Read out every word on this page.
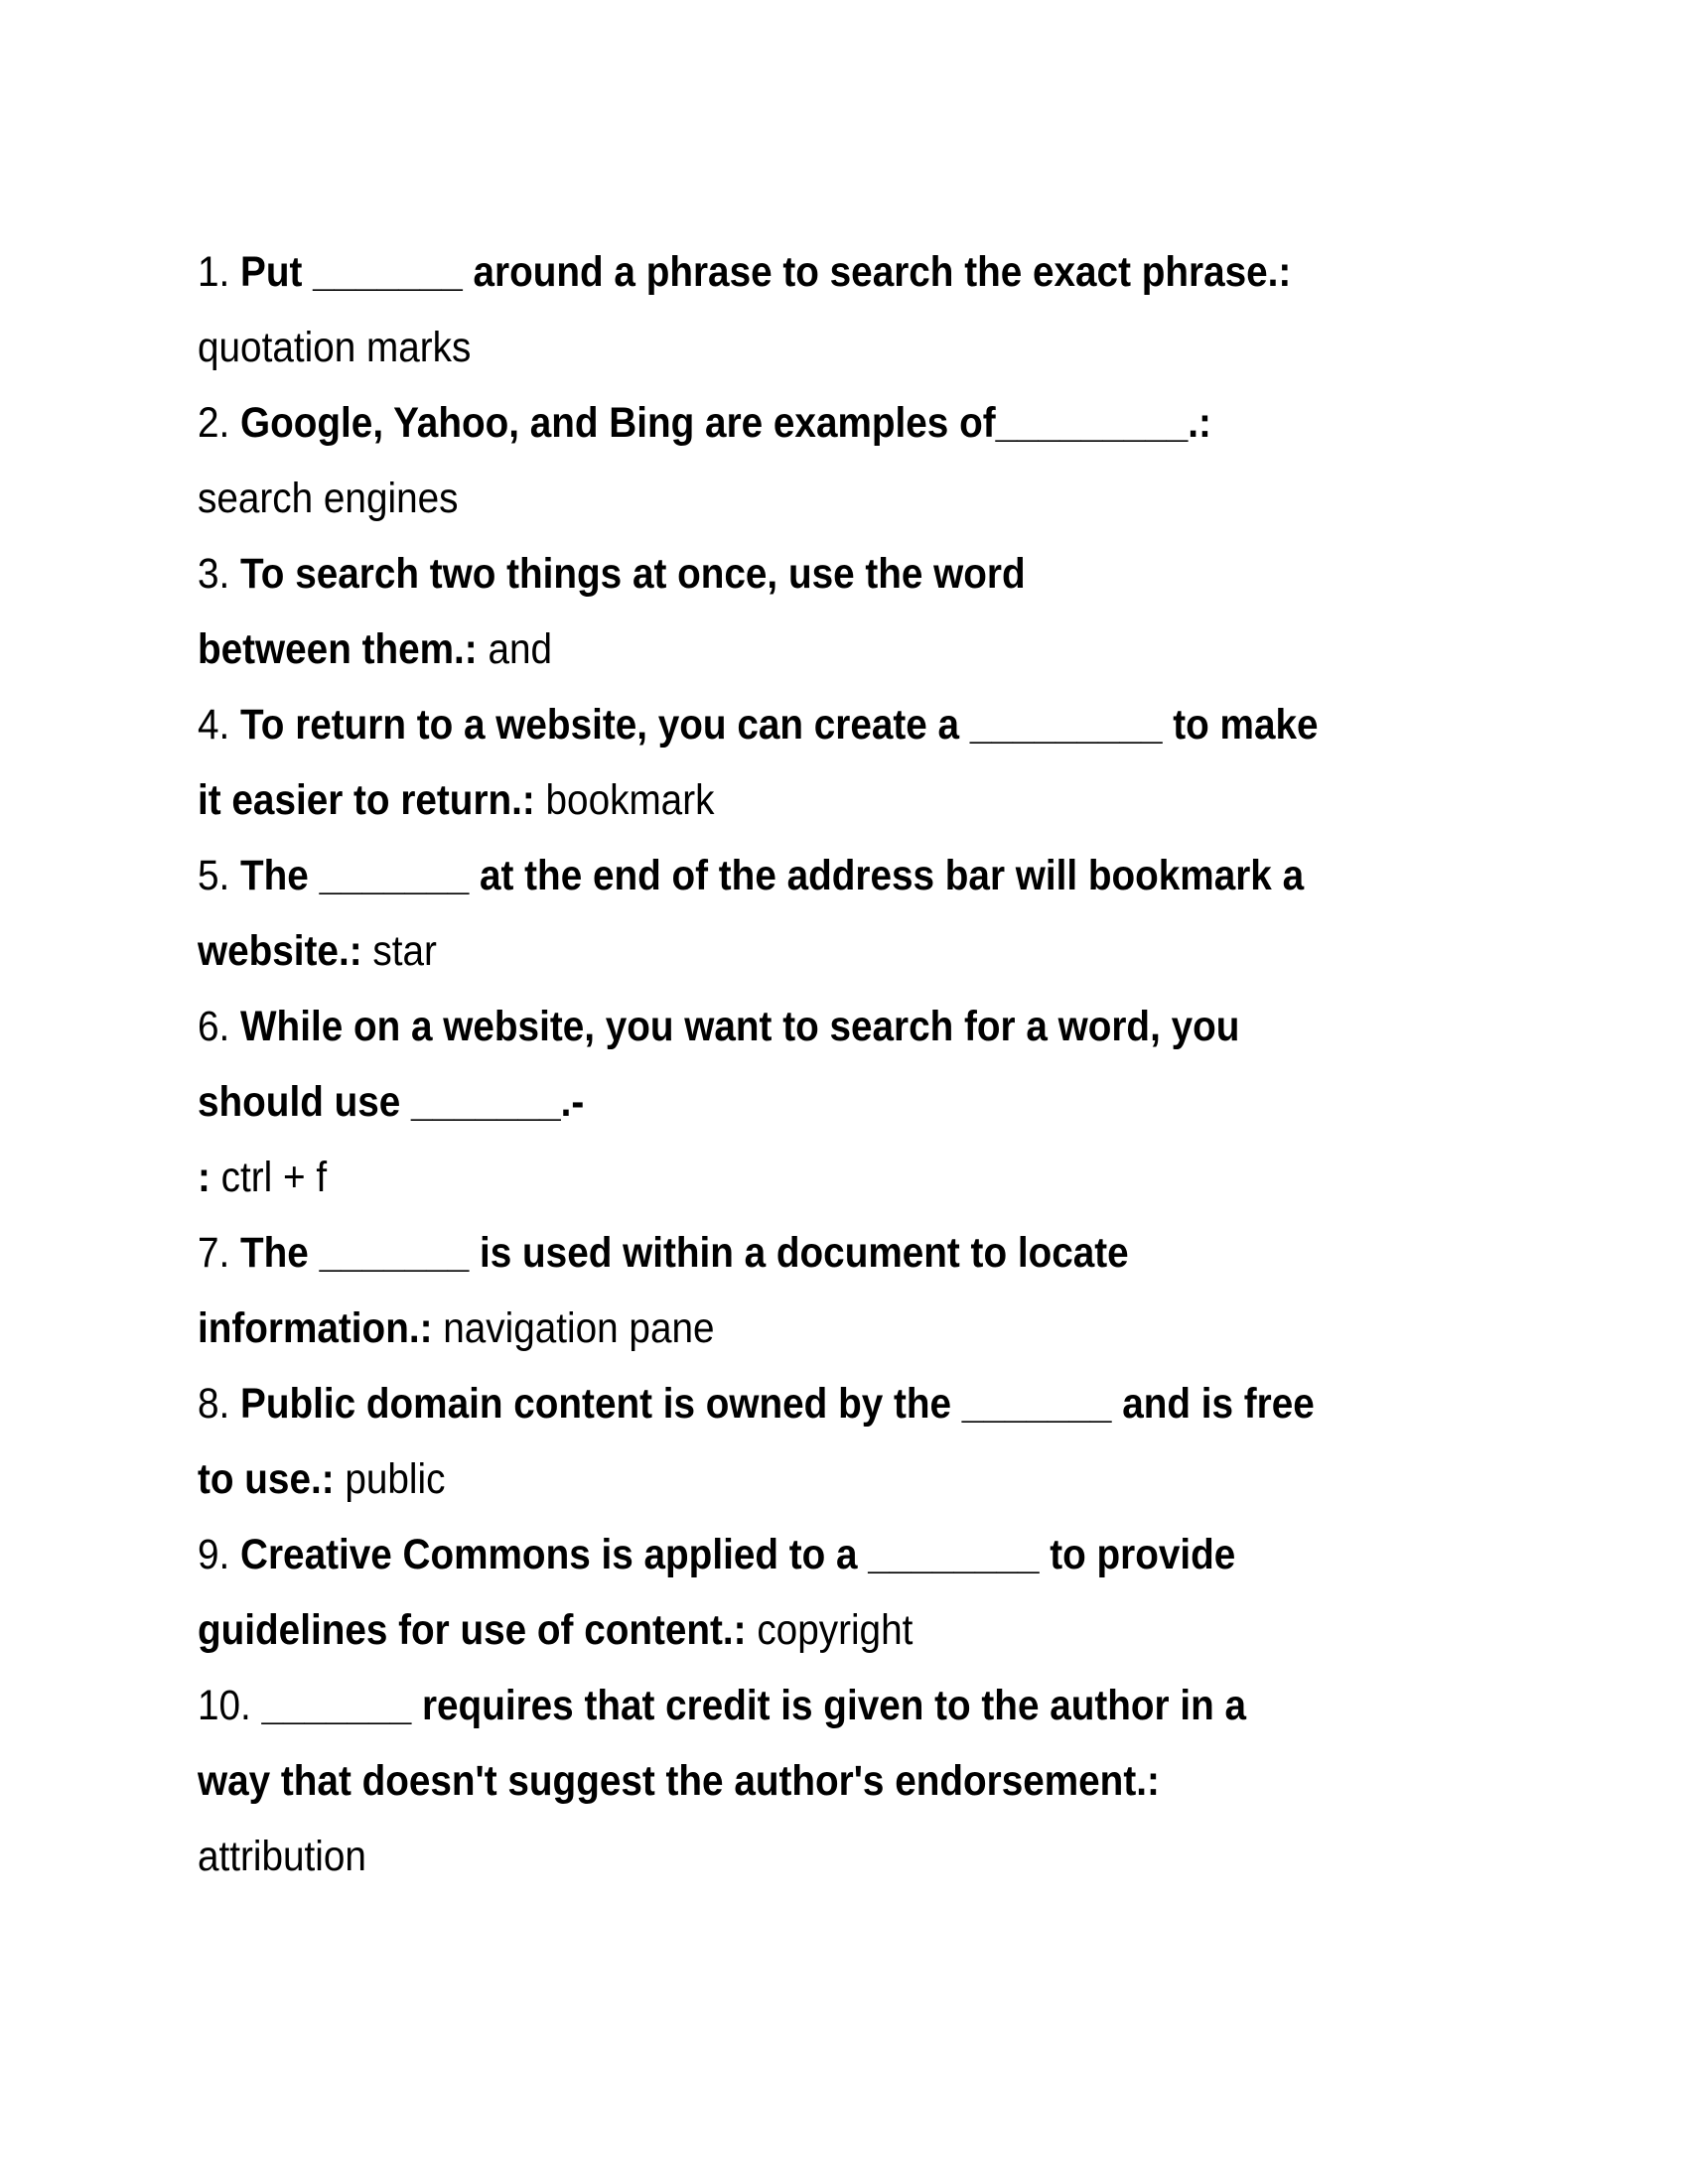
1. Put _______ around a phrase to search the exact phrase.:
quotation marks
2. Google, Yahoo, and Bing are examples of_________.:
search engines
3. To search two things at once, use the word
between them.: and
4. To return to a website, you can create a _________ to make
it easier to return.: bookmark
5. The _______ at the end of the address bar will bookmark a
website.: star
6. While on a website, you want to search for a word, you
should use _______.-
: ctrl + f
7. The _______ is used within a document to locate
information.: navigation pane
8. Public domain content is owned by the _______ and is free
to use.: public
9. Creative Commons is applied to a ________ to provide
guidelines for use of content.: copyright
10. _______ requires that credit is given to the author in a
way that doesn't suggest the author's endorsement.:
attribution
